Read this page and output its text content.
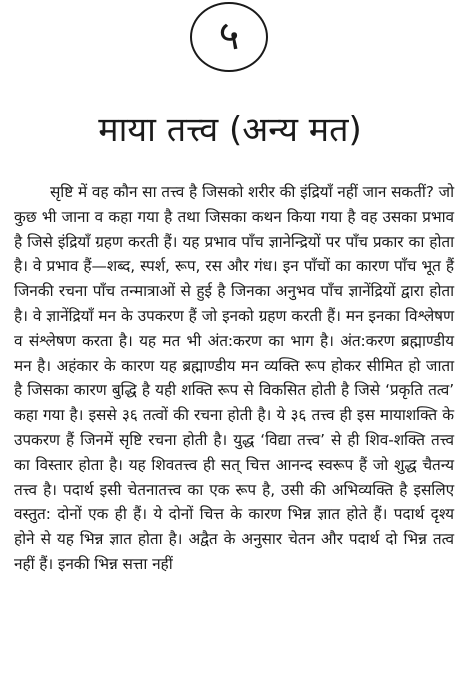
५
माया तत्त्व (अन्य मत)

सृष्टि में वह कौन सा तत्त्व है जिसको शरीर की इंद्रियाँ नहीं जान सकतीं? जो कुछ भी जाना व कहा गया है तथा जिसका कथन किया गया है वह उसका प्रभाव है जिसे इंद्रियाँ ग्रहण करती हैं। यह प्रभाव पाँच ज्ञानेन्द्रियों पर पाँच प्रकार का होता है। वे प्रभाव हैं—शब्द, स्पर्श, रूप, रस और गंध। इन पाँचों का कारण पाँच भूत हैं जिनकी रचना पाँच तन्मात्राओं से हुई है जिनका अनुभव पाँच ज्ञानेंद्रियों द्वारा होता है। वे ज्ञानेंद्रियाँ मन के उपकरण हैं जो इनको ग्रहण करती हैं। मन इनका विश्लेषण व संश्लेषण करता है। यह मत भी अंत:करण का भाग है। अंत:करण ब्रह्माण्डीय मन है। अहंकार के कारण यह ब्रह्माण्डीय मन व्यक्ति रूप होकर सीमित हो जाता है जिसका कारण बुद्धि है यही शक्ति रूप से विकसित होती है जिसे ‘प्रकृति तत्व’ कहा गया है। इससे ३६ तत्वों की रचना होती है। ये ३६ तत्त्व ही इस मायाशक्ति के उपकरण हैं जिनमें सृष्टि रचना होती है। युद्ध ‘विद्या तत्त्व’ से ही शिव-शक्ति तत्त्व का विस्तार होता है। यह शिवतत्त्व ही सत् चित्त आनन्द स्वरूप हैं जो शुद्ध चैतन्य तत्त्व है। पदार्थ इसी चेतनातत्त्व का एक रूप है, उसी की अभिव्यक्ति है इसलिए वस्तुत: दोनों एक ही हैं। ये दोनों चित्त के कारण भिन्न ज्ञात होते हैं। पदार्थ दृश्य होने से यह भिन्न ज्ञात होता है। अद्वैत के अनुसार चेतन और पदार्थ दो भिन्न तत्व नहीं हैं। इनकी भिन्न सत्ता नहीं
